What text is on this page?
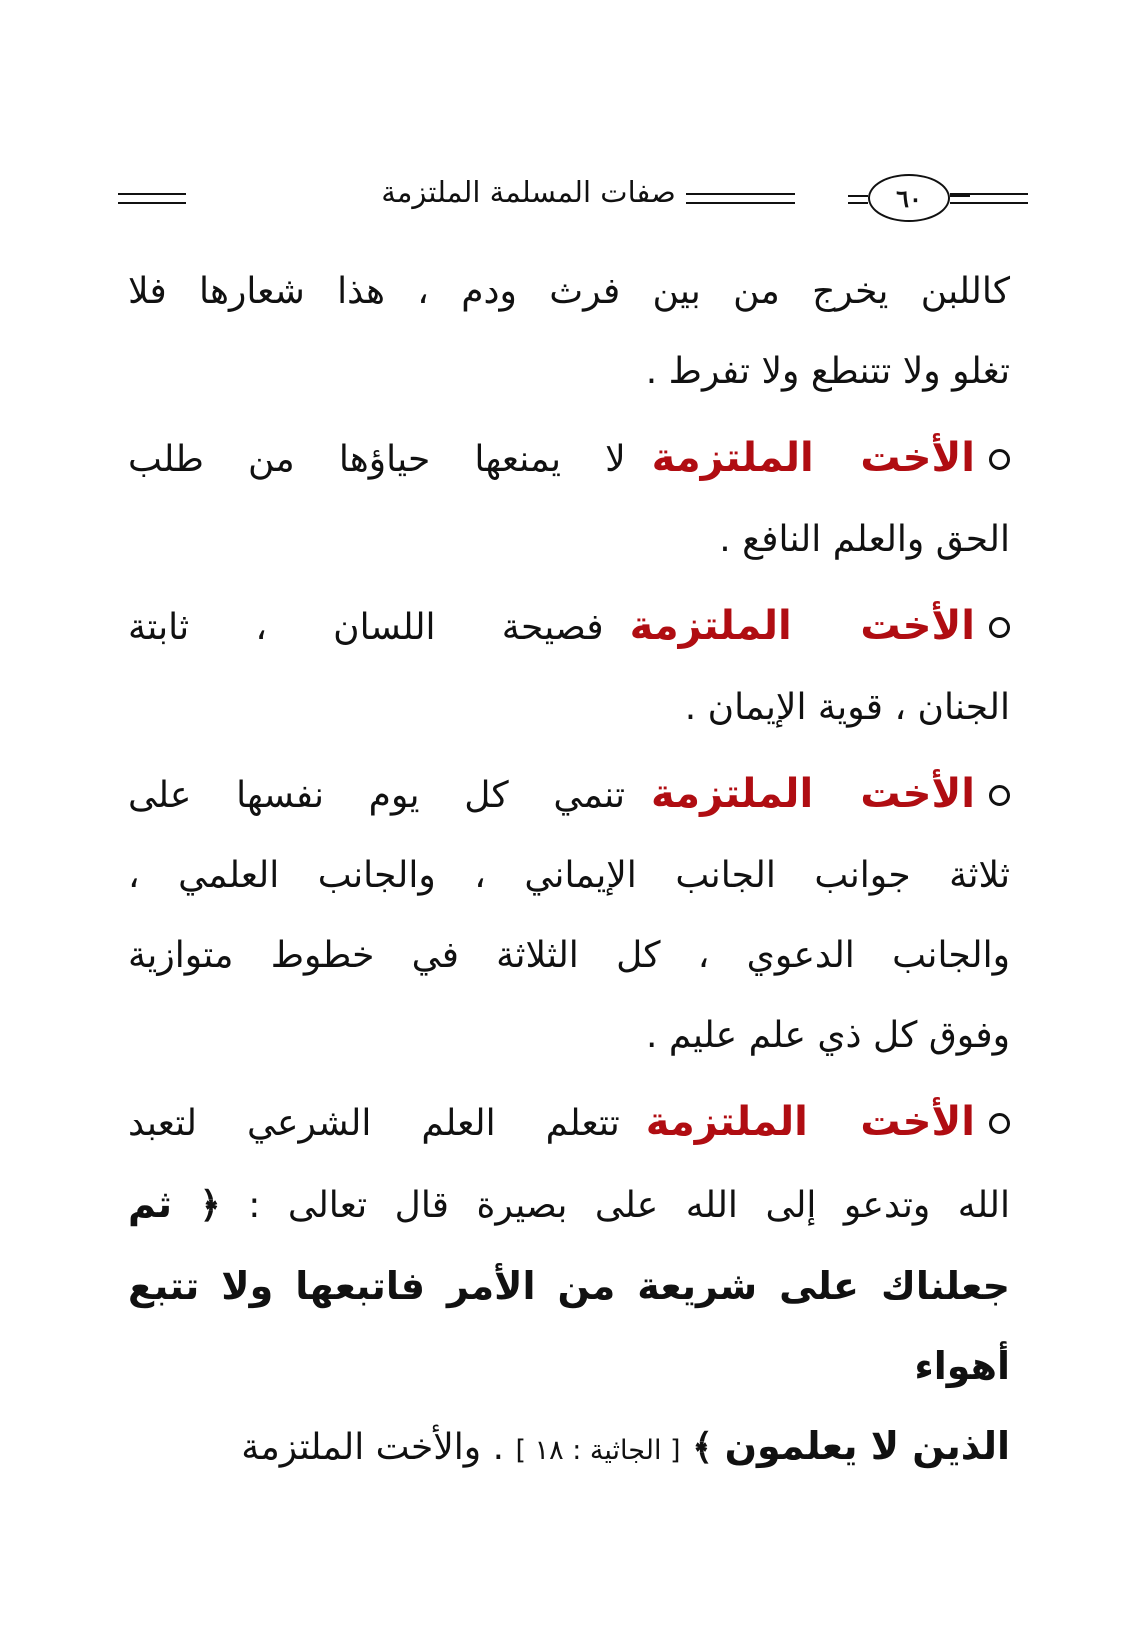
٦٠
صفات المسلمة الملتزمة
كاللبن يخرج من بين فرث ودم ، هذا شعارها فلا
تغلو ولا تتنطع ولا تفرط .
الأخت الملتزمةلا يمنعها حياؤها من طلب
الحق والعلم النافع .
الأخت الملتزمةفصيحة اللسان ، ثابتة
الجنان ، قوية الإيمان .
الأخت الملتزمةتنمي كل يوم نفسها على
ثلاثة جوانب الجانب الإيماني ، والجانب العلمي ،
والجانب الدعوي ، كل الثلاثة في خطوط متوازية
وفوق كل ذي علم عليم .
الأخت الملتزمةتتعلم العلم الشرعي لتعبد
الله وتدعو إلى الله على بصيرة قال تعالى : ﴿ ثم
جعلناك على شريعة من الأمر فاتبعها ولا تتبع أهواء
الذين لا يعلمون ﴾ [ الجاثية : ١٨ ] . والأخت الملتزمة
